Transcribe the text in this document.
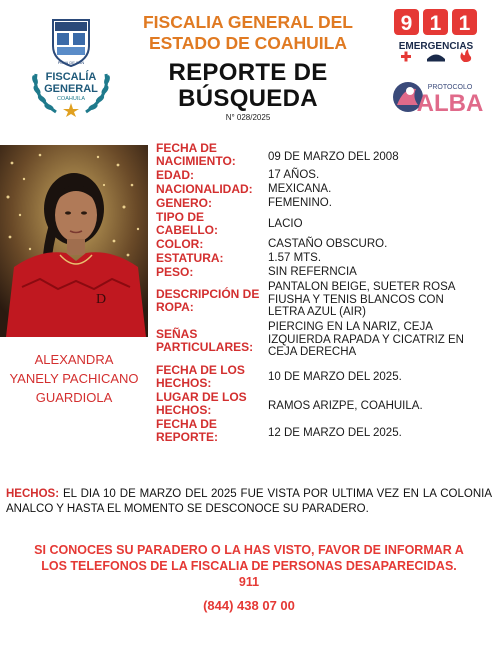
PLAN DE SAN
FISCALÍA
GENERAL
COAHUILA
FISCALIA GENERAL DEL
ESTADO DE COAHUILA
REPORTE DE
BÚSQUEDA
N° 028/2025
9 1 1
EMERGENCIAS
PROTOCOLO
ALBA
D
ALEXANDRA
YANELY PACHICANO
GUARDIOLA
FECHA DE
NACIMIENTO:	09 DE MARZO DEL 2008
EDAD:	17 AÑOS.
NACIONALIDAD:	MEXICANA.
GENERO:	FEMENINO.
TIPO DE
CABELLO:	LACIO
COLOR:	CASTAÑO OBSCURO.
ESTATURA:	1.57 MTS.
PESO:	SIN REFERNCIA
DESCRIPCIÓN DE
ROPA:
PANTALON BEIGE, SUETER ROSA
FIUSHA Y TENIS BLANCOS CON
LETRA AZUL (AIR)
SEÑAS
PARTICULARES:
PIERCING EN LA NARIZ, CEJA
IZQUIERDA RAPADA Y CICATRIZ EN
CEJA DERECHA
FECHA DE LOS
HECHOS:	10 DE MARZO DEL 2025.
LUGAR DE LOS
HECHOS:	RAMOS ARIZPE, COAHUILA.
FECHA DE
REPORTE:	12 DE MARZO DEL 2025.
HECHOS: EL DIA 10 DE MARZO DEL 2025 FUE VISTA POR ULTIMA VEZ EN LA COLONIA ANALCO Y HASTA EL MOMENTO SE DESCONOCE SU PARADERO.
SI CONOCES SU PARADERO O LA HAS VISTO, FAVOR DE INFORMAR A
LOS TELEFONOS DE LA FISCALIA DE PERSONAS DESAPARECIDAS.
911
(844) 438 07 00
